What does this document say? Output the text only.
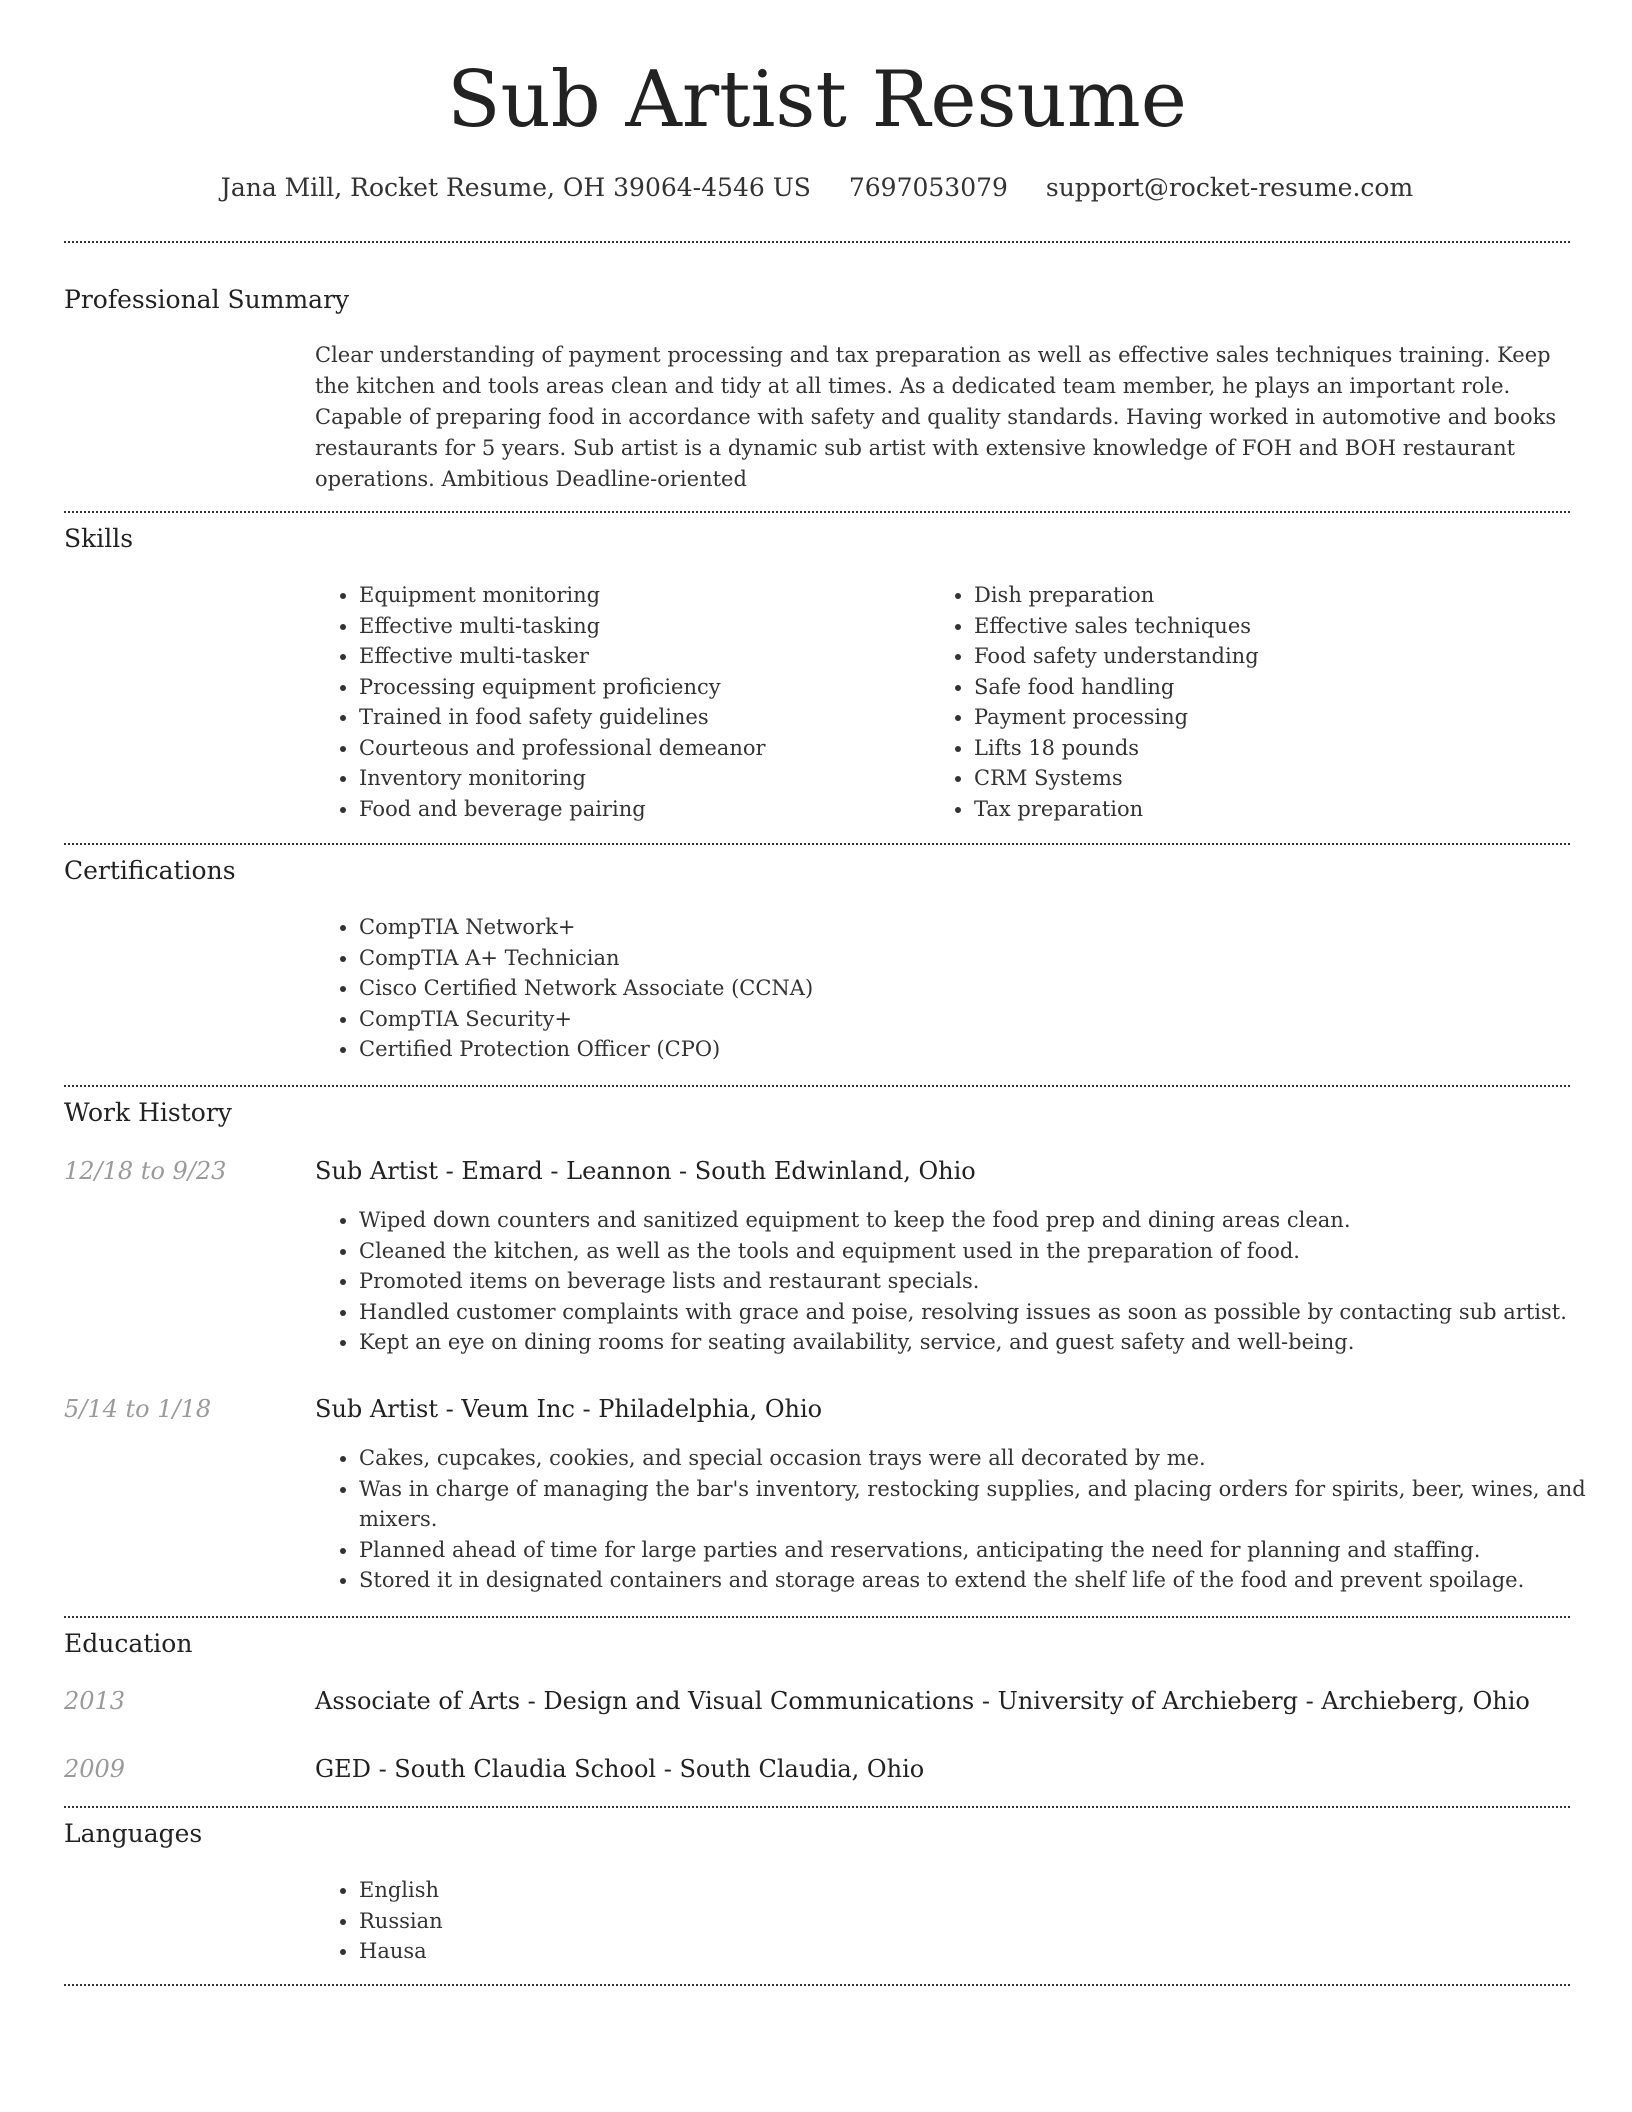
Sub Artist Resume
Jana Mill, Rocket Resume, OH 39064-4546 US 7697053079 support@rocket-resume.com
Professional Summary

Clear understanding of payment processing and tax preparation as well as effective sales techniques training. Keep the kitchen and tools areas clean and tidy at all times. As a dedicated team member, he plays an important role. Capable of preparing food in accordance with safety and quality standards. Having worked in automotive and books restaurants for 5 years. Sub artist is a dynamic sub artist with extensive knowledge of FOH and BOH restaurant operations. Ambitious Deadline-oriented

Skills
• Equipment monitoring
• Effective multi-tasking
• Effective multi-tasker
• Processing equipment proficiency
• Trained in food safety guidelines
• Courteous and professional demeanor
• Inventory monitoring
• Food and beverage pairing
• Dish preparation
• Effective sales techniques
• Food safety understanding
• Safe food handling
• Payment processing
• Lifts 18 pounds
• CRM Systems
• Tax preparation
Certifications
• CompTIA Network+
• CompTIA A+ Technician
• Cisco Certified Network Associate (CCNA)
• CompTIA Security+
• Certified Protection Officer (CPO)
Work History
12/18 to 9/23	Sub Artist - Emard - Leannon - South Edwinland, Ohio
• Wiped down counters and sanitized equipment to keep the food prep and dining areas clean.
• Cleaned the kitchen, as well as the tools and equipment used in the preparation of food.
• Promoted items on beverage lists and restaurant specials.
• Handled customer complaints with grace and poise, resolving issues as soon as possible by contacting sub artist.
• Kept an eye on dining rooms for seating availability, service, and guest safety and well-being.
5/14 to 1/18	Sub Artist - Veum Inc - Philadelphia, Ohio
• Cakes, cupcakes, cookies, and special occasion trays were all decorated by me.
• Was in charge of managing the bar's inventory, restocking supplies, and placing orders for spirits, beer, wines, and mixers.
• Planned ahead of time for large parties and reservations, anticipating the need for planning and staffing.
• Stored it in designated containers and storage areas to extend the shelf life of the food and prevent spoilage.
Education
2013	Associate of Arts - Design and Visual Communications - University of Archieberg - Archieberg, Ohio
2009	GED - South Claudia School - South Claudia, Ohio
Languages
• English
• Russian
• Hausa
